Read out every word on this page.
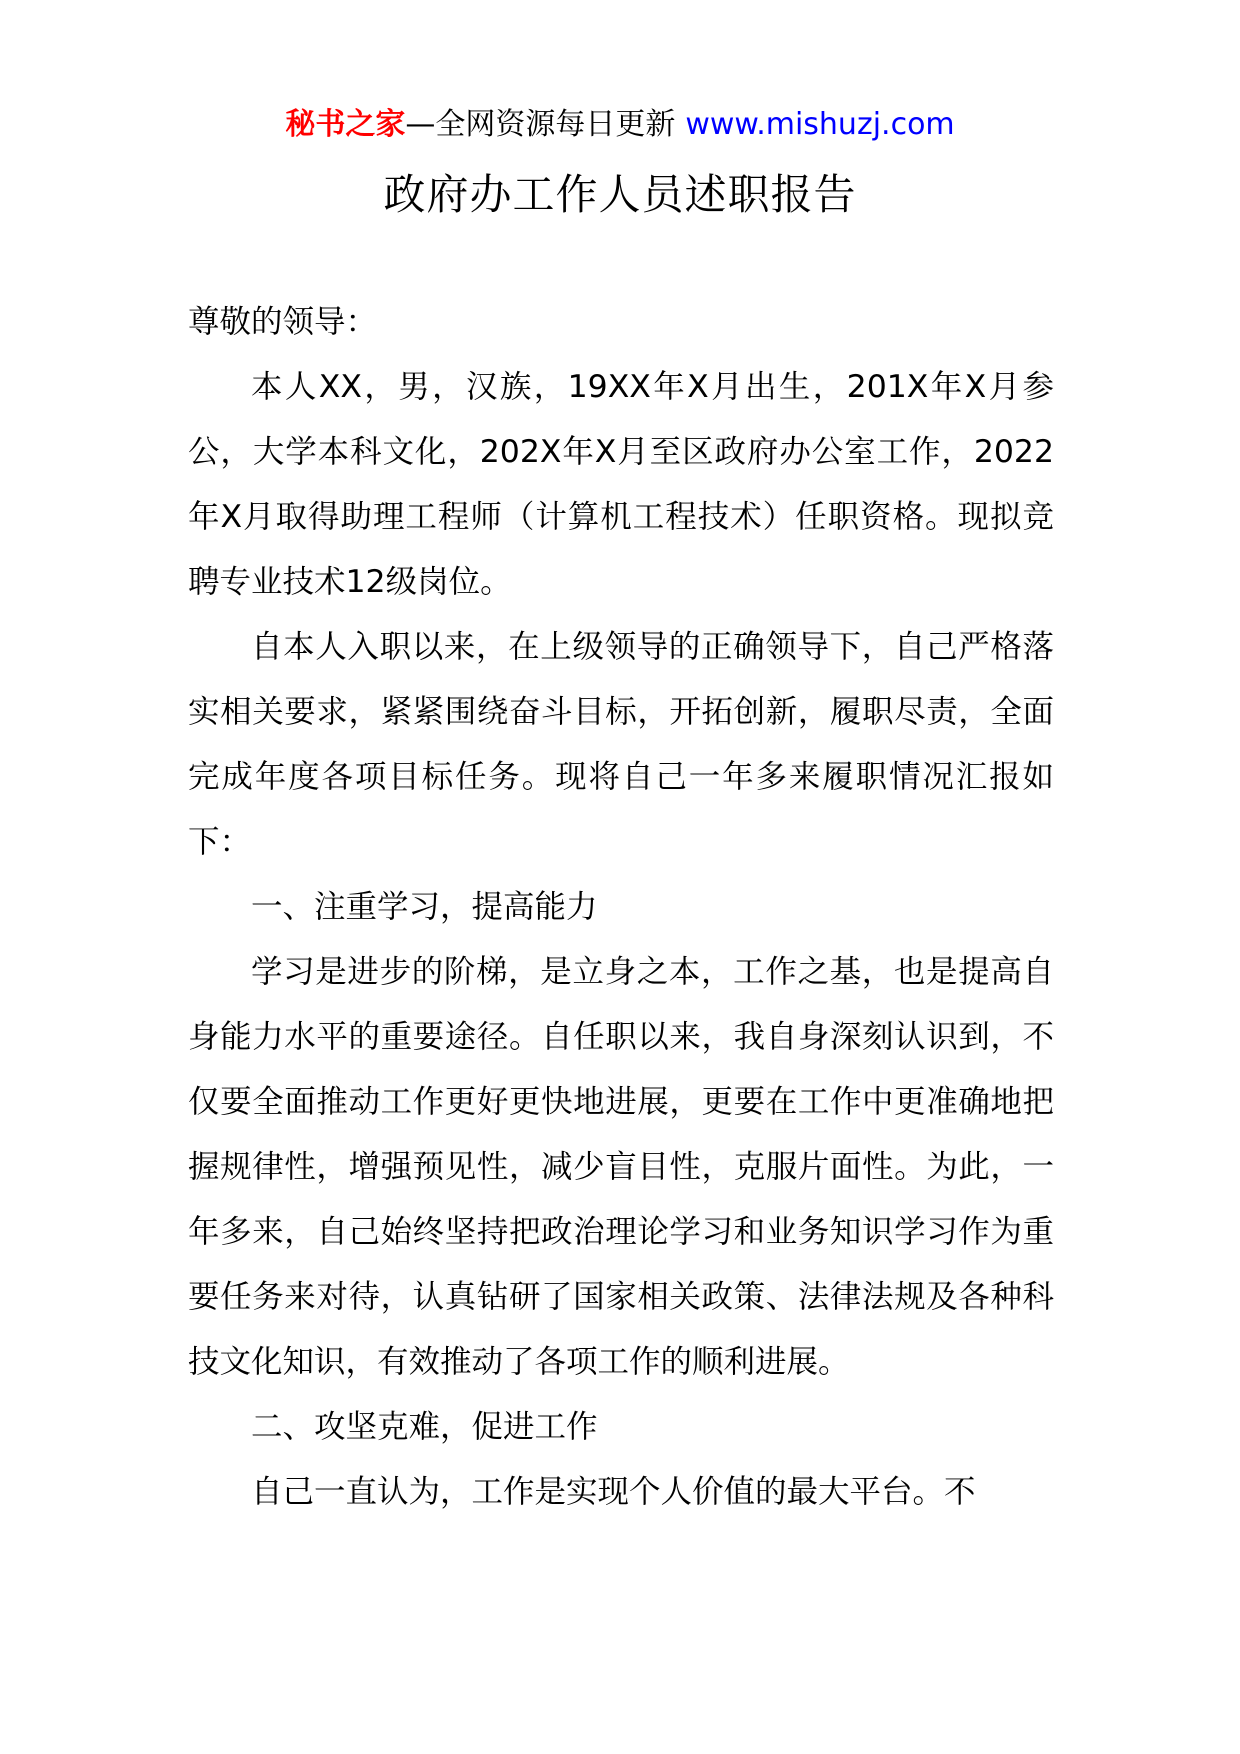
秘书之家—全网资源每日更新 www.mishuzj.com
政府办工作人员述职报告

尊敬的领导：

本人XX，男，汉族，19XX年X月出生，201X年X月参公，大学本科文化，202X年X月至区政府办公室工作，2022年X月取得助理工程师（计算机工程技术）任职资格。现拟竞聘专业技术12级岗位。

自本人入职以来，在上级领导的正确领导下，自己严格落实相关要求，紧紧围绕奋斗目标，开拓创新，履职尽责，全面完成年度各项目标任务。现将自己一年多来履职情况汇报如下：

一、注重学习，提高能力

学习是进步的阶梯，是立身之本，工作之基，也是提高自身能力水平的重要途径。自任职以来，我自身深刻认识到，不仅要全面推动工作更好更快地进展，更要在工作中更准确地把握规律性，增强预见性，减少盲目性，克服片面性。为此，一年多来，自己始终坚持把政治理论学习和业务知识学习作为重要任务来对待，认真钻研了国家相关政策、法律法规及各种科技文化知识，有效推动了各项工作的顺利进展。

二、攻坚克难，促进工作

自己一直认为，工作是实现个人价值的最大平台。不
